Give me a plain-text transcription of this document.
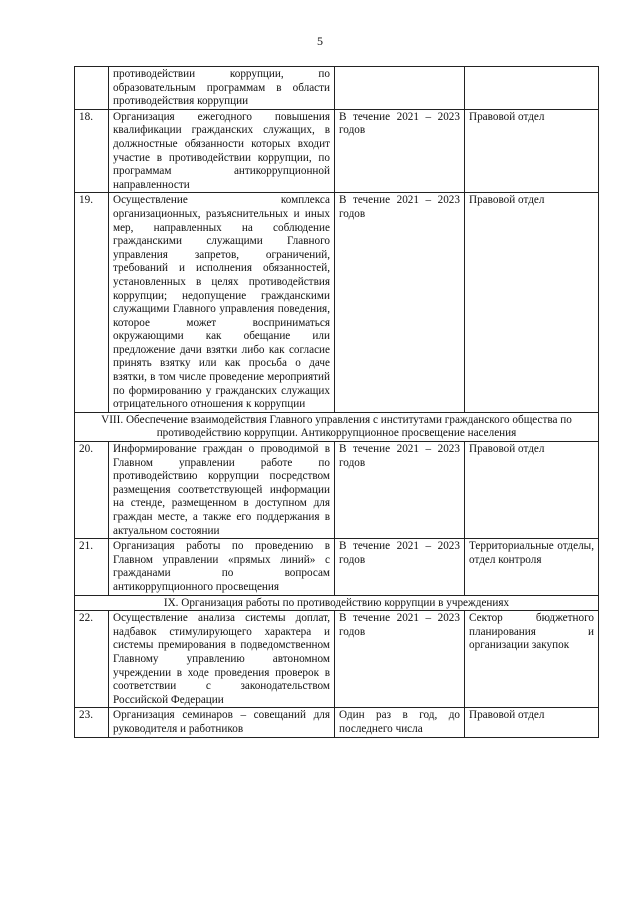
5
	противодействии коррупции, по образовательным программам в области противодействия коррупции		
18.	Организация ежегодного повышения квалификации гражданских служащих, в должностные обязанности которых входит участие в противодействии коррупции, по программам антикоррупционной направленности	В течение 2021 – 2023 годов	Правовой отдел
19.	Осуществление комплекса организационных, разъяснительных и иных мер, направленных на соблюдение гражданскими служащими Главного управления запретов, ограничений, требований и исполнения обязанностей, установленных в целях противодействия коррупции; недопущение гражданскими служащими Главного управления поведения, которое может восприниматься окружающими как обещание или предложение дачи взятки либо как согласие принять взятку или как просьба о даче взятки, в том числе проведение мероприятий по формированию у гражданских служащих отрицательного отношения к коррупции	В течение 2021 – 2023 годов	Правовой отдел
VIII. Обеспечение взаимодействия Главного управления с институтами гражданского общества по противодействию коррупции. Антикоррупционное просвещение населения			
20.	Информирование граждан о проводимой в Главном управлении работе по противодействию коррупции посредством размещения соответствующей информации на стенде, размещенном в доступном для граждан месте, а также его поддержания в актуальном состоянии	В течение 2021 – 2023 годов	Правовой отдел
21.	Организация работы по проведению в Главном управлении «прямых линий» с гражданами по вопросам антикоррупционного просвещения	В течение 2021 – 2023 годов	Территориальные отделы, отдел контроля
IX. Организация работы по противодействию коррупции в учреждениях			
22.	Осуществление анализа системы доплат, надбавок стимулирующего характера и системы премирования в подведомственном Главному управлению автономном учреждении в ходе проведения проверок в соответствии с законодательством Российской Федерации	В течение 2021 – 2023 годов	Сектор бюджетного планирования и организации закупок
23.	Организация семинаров – совещаний для руководителя и работников	Один раз в год, до последнего числа	Правовой отдел
